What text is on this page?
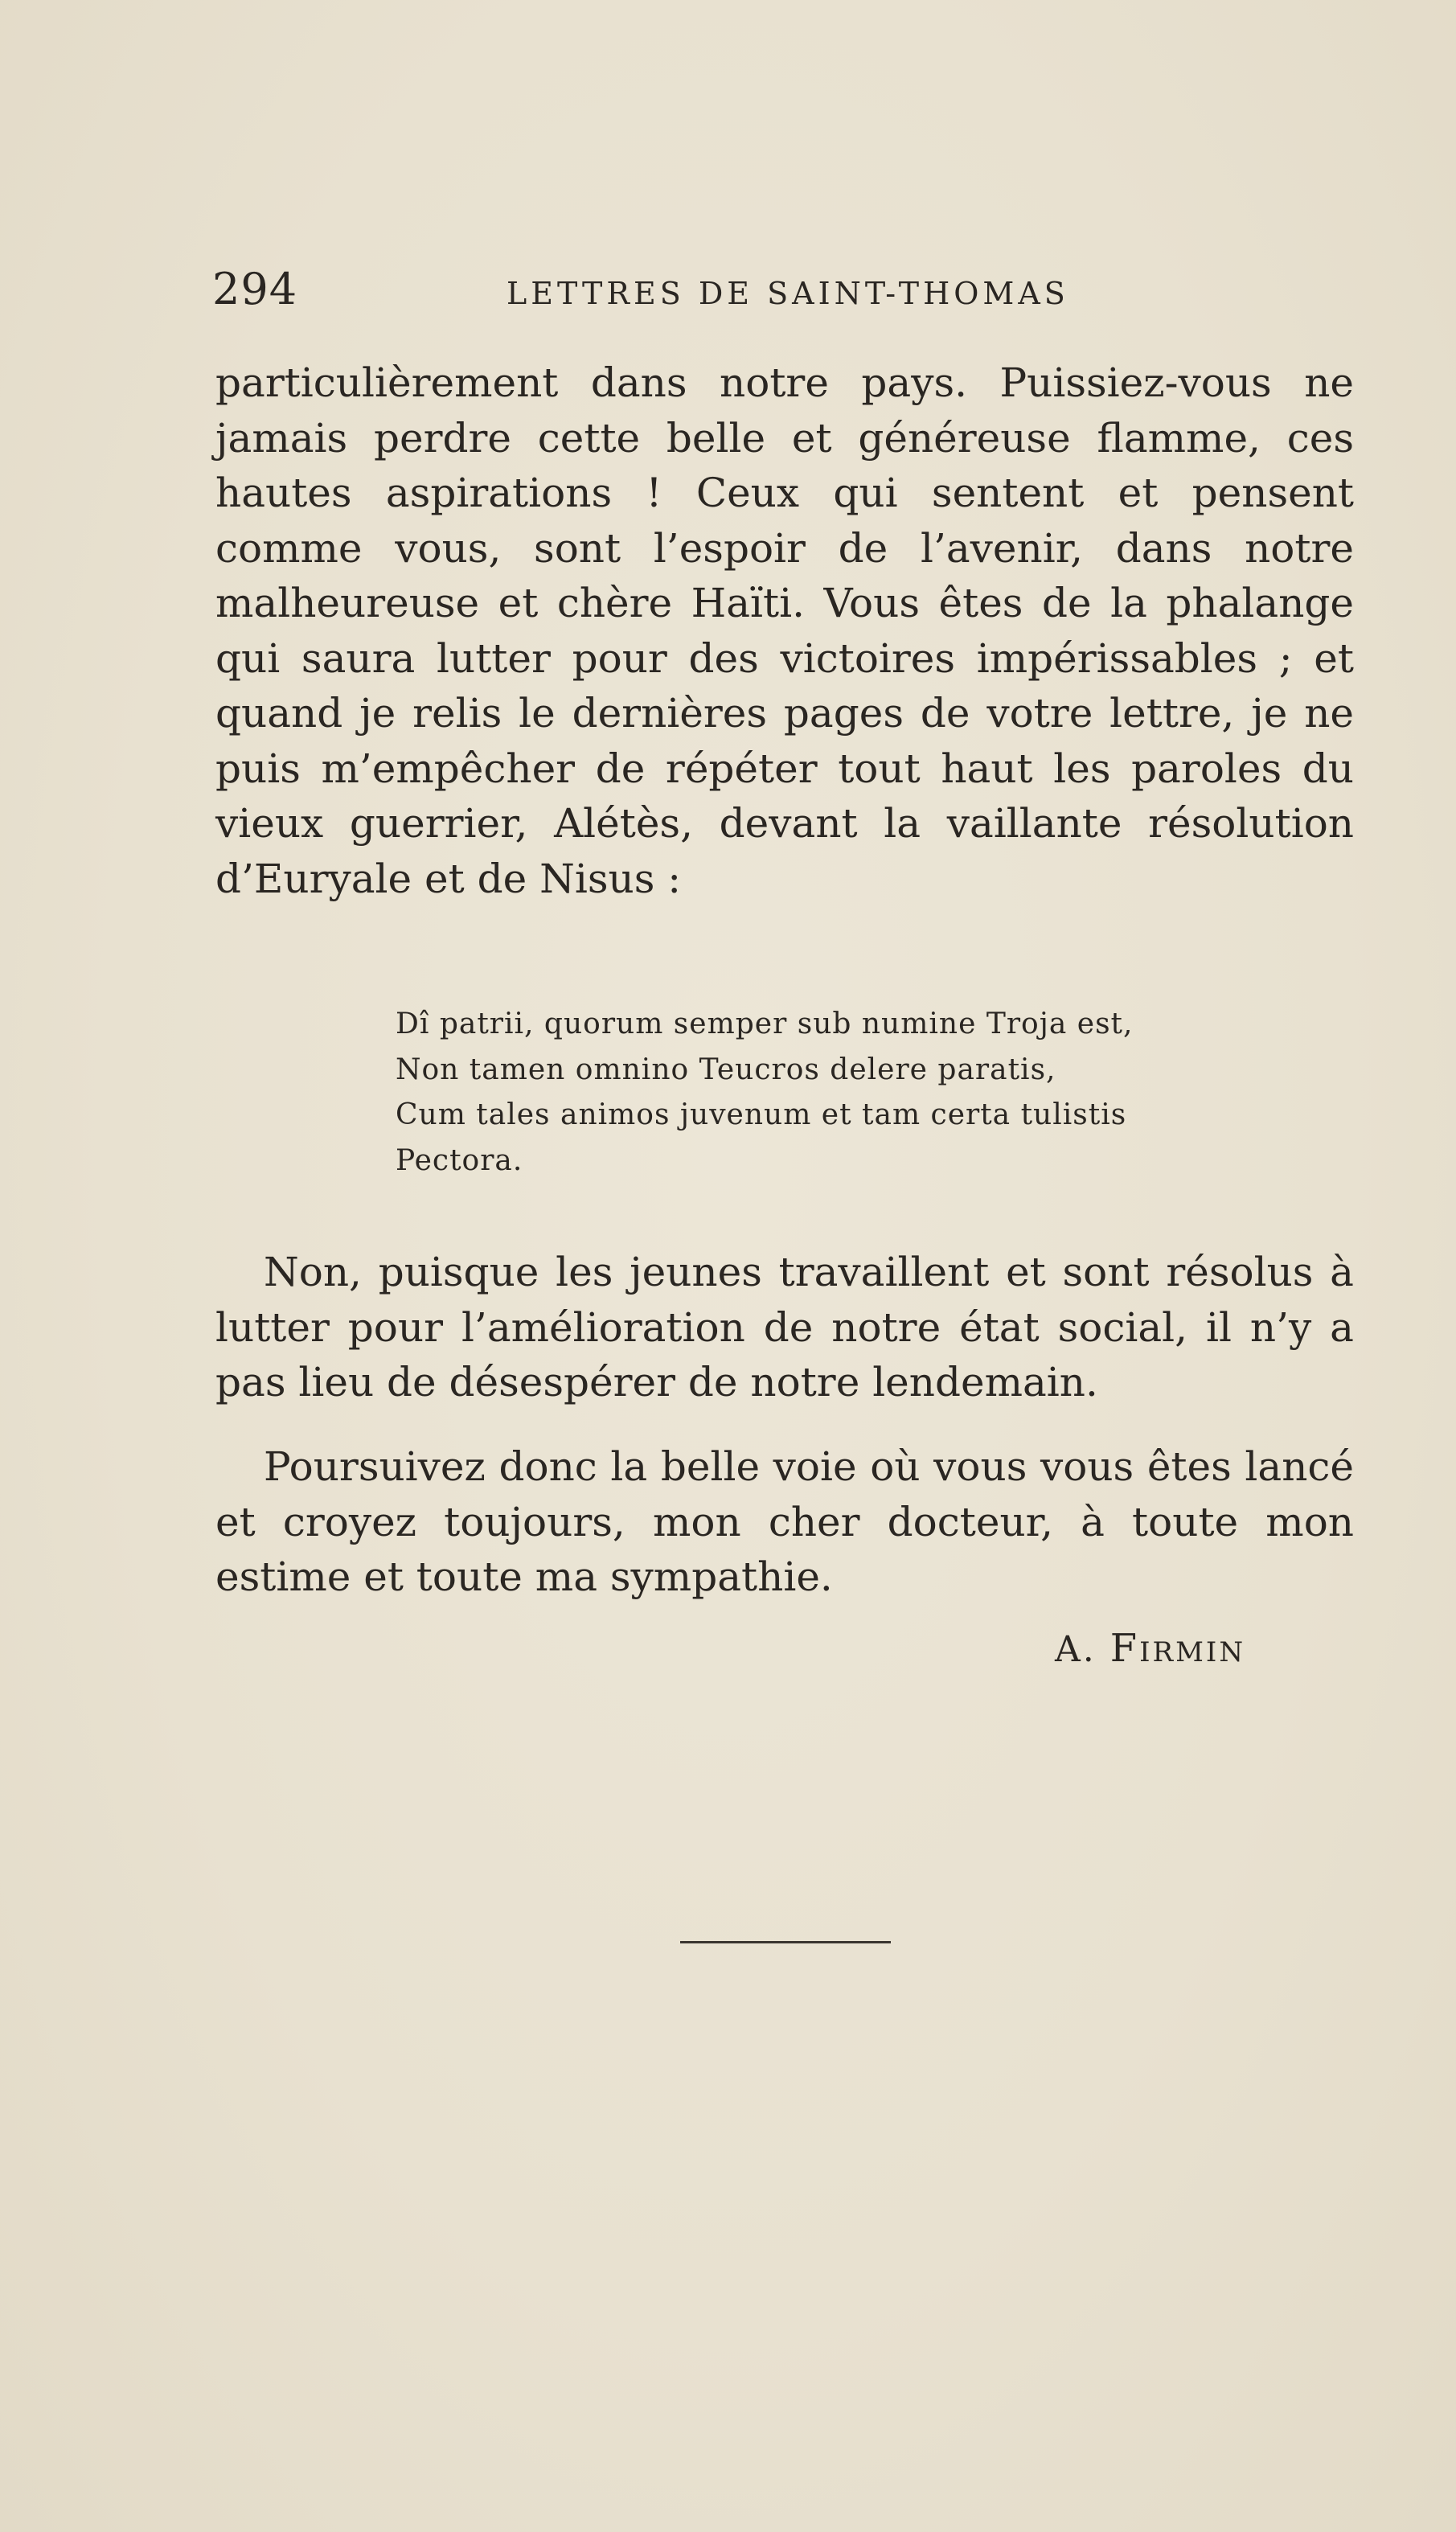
294	LETTRES DE SAINT-THOMAS

particulièrement dans notre pays. Puissiez-vous ne jamais perdre cette belle et généreuse flamme, ces hautes aspirations ! Ceux qui sentent et pensent comme vous, sont l’espoir de l’avenir, dans notre malheureuse et chère Haïti. Vous êtes de la phalange qui saura lutter pour des victoires impérissables ; et quand je relis le dernières pages de votre lettre, je ne puis m’empêcher de répéter tout haut les paroles du vieux guerrier, Alétès, devant la vaillante résolution d’Euryale et de Nisus :

Dî patrii, quorum semper sub numine Troja est,
Non tamen omnino Teucros delere paratis,
Cum tales animos juvenum et tam certa tulistis
Pectora.

Non, puisque les jeunes travaillent et sont résolus à lutter pour l’amélioration de notre état social, il n’y a pas lieu de désespérer de notre lendemain.

Poursuivez donc la belle voie où vous vous êtes lancé et croyez toujours, mon cher docteur, à toute mon estime et toute ma sympathie.

A. FIRMIN
